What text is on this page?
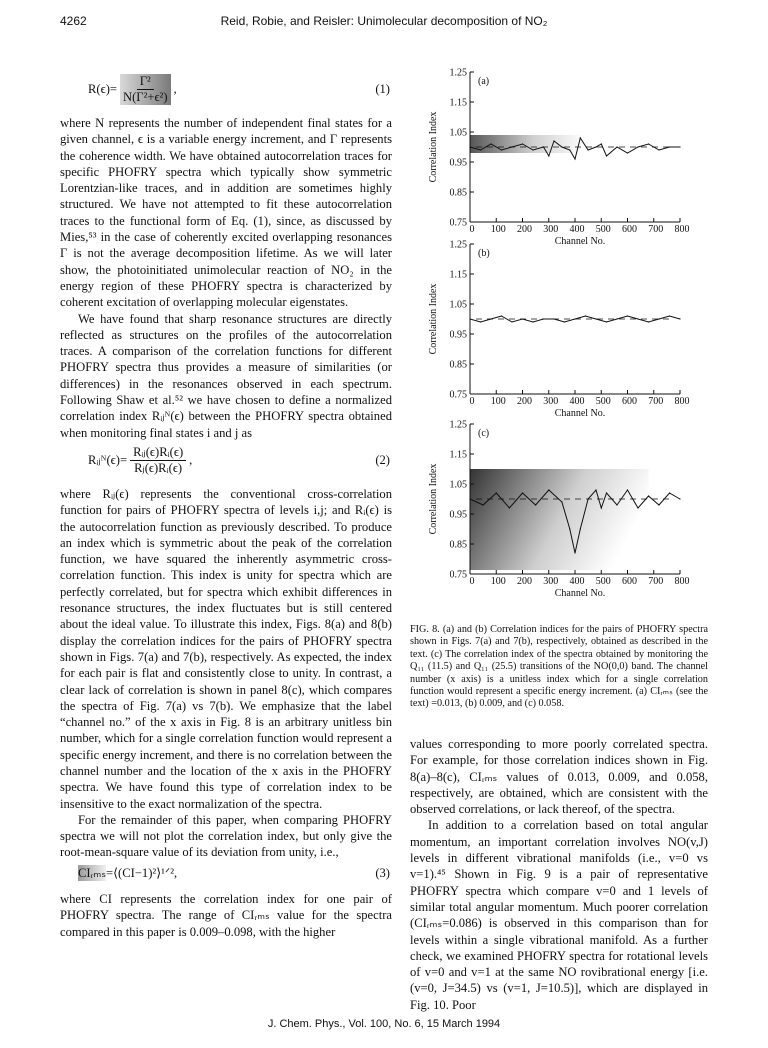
4262	Reid, Robie, and Reisler: Unimolecular decomposition of NO₂
$R(\epsilon)= \frac{\text{Γ²}}{\text{N(Γ²+ϵ²)}}$ ,	(1)

where N represents the number of independent final states for a given channel, ϵ is a variable energy increment, and Γ represents the coherence width. We have obtained autocorrelation traces for specific PHOFRY spectra which typically show symmetric Lorentzian-like traces, and in addition are sometimes highly structured. We have not attempted to fit these autocorrelation traces to the functional form of Eq. (1), since, as discussed by Mies,⁵³ in the case of coherently excited overlapping resonances Γ is not the average decomposition lifetime. As we will later show, the photoinitiated unimolecular reaction of NO₂ in the energy region of these PHOFRY spectra is characterized by coherent excitation of overlapping molecular eigenstates.

We have found that sharp resonance structures are directly reflected as structures on the profiles of the autocorrelation traces. A comparison of the correlation functions for different PHOFRY spectra thus provides a measure of similarities (or differences) in the resonances observed in each spectrum. Following Shaw et al.⁵² we have chosen to define a normalized correlation index Rᵢⱼᴺ(ϵ) between the PHOFRY spectra obtained when monitoring final states i and j as

Rᵢⱼᴺ(ϵ)= $\frac{\text{Rᵢⱼ(ϵ)Rᵢ(ϵ)}}{\text{Rⱼ(ϵ)Rᵢ(ϵ)}}$ ,	(2)

where Rᵢⱼ(ϵ) represents the conventional cross-correlation function for pairs of PHOFRY spectra of levels i,j; and Rᵢ(ϵ) is the autocorrelation function as previously described. To produce an index which is symmetric about the peak of the correlation function, we have squared the inherently asymmetric cross-correlation function. This index is unity for spectra which are perfectly correlated, but for spectra which exhibit differences in resonance structures, the index fluctuates but is still centered about the ideal value. To illustrate this index, Figs. 8(a) and 8(b) display the correlation indices for the pairs of PHOFRY spectra shown in Figs. 7(a) and 7(b), respectively. As expected, the index for each pair is flat and consistently close to unity. In contrast, a clear lack of correlation is shown in panel 8(c), which compares the spectra of Fig. 7(a) vs 7(b). We emphasize that the label “channel no.” of the x axis in Fig. 8 is an arbitrary unitless bin number, which for a single correlation function would represent a specific energy increment, and there is no correlation between the channel number and the location of the x axis in the PHOFRY spectra. We have found this type of correlation index to be insensitive to the exact normalization of the spectra.

For the remainder of this paper, when comparing PHOFRY spectra we will not plot the correlation index, but only give the root-mean-square value of its deviation from unity, i.e.,

CIᵣₘₛ =⟨(CI−1)²⟩¹ᐟ²,	(3)

where CI represents the correlation index for one pair of PHOFRY spectra. The range of CIᵣₘₛ value for the spectra compared in this paper is 0.009–0.098, with the higher

0.75
0.85
0.95
1.05
1.15
1.25
0 100 200 300 400 500 600 700 800
Channel No.
Correlation Index
(a)
0.75
0.85
0.95
1.05
1.15
1.25
0 100 200 300 400 500 600 700 800
Channel No.
Correlation Index
(b)
0.75
0.85
0.95
1.05
1.15
1.25
0 100 200 300 400 500 600 700 800
Channel No.
Correlation Index
(c)
FIG. 8. (a) and (b) Correlation indices for the pairs of PHOFRY spectra shown in Figs. 7(a) and 7(b), respectively, obtained as described in the text. (c) The correlation index of the spectra obtained by monitoring the Q₁₁ (11.5) and Q₁₁ (25.5) transitions of the NO(0,0) band. The channel number (x axis) is a unitless index which for a single correlation function would represent a specific energy increment. (a) CIᵣₘₛ (see the text) =0.013, (b) 0.009, and (c) 0.058.

values corresponding to more poorly correlated spectra. For example, for those correlation indices shown in Fig. 8(a)–8(c), CIᵣₘₛ values of 0.013, 0.009, and 0.058, respectively, are obtained, which are consistent with the observed correlations, or lack thereof, of the spectra.

In addition to a correlation based on total angular momentum, an important correlation involves NO(v,J) levels in different vibrational manifolds (i.e., v=0 vs v=1).⁴⁵ Shown in Fig. 9 is a pair of representative PHOFRY spectra which compare v=0 and 1 levels of similar total angular momentum. Much poorer correlation (CIᵣₘₛ=0.086) is observed in this comparison than for levels within a single vibrational manifold. As a further check, we examined PHOFRY spectra for rotational levels of v=0 and v=1 at the same NO rovibrational energy [i.e. (v=0, J=34.5) vs (v=1, J=10.5)], which are displayed in Fig. 10. Poor

J. Chem. Phys., Vol. 100, No. 6, 15 March 1994
